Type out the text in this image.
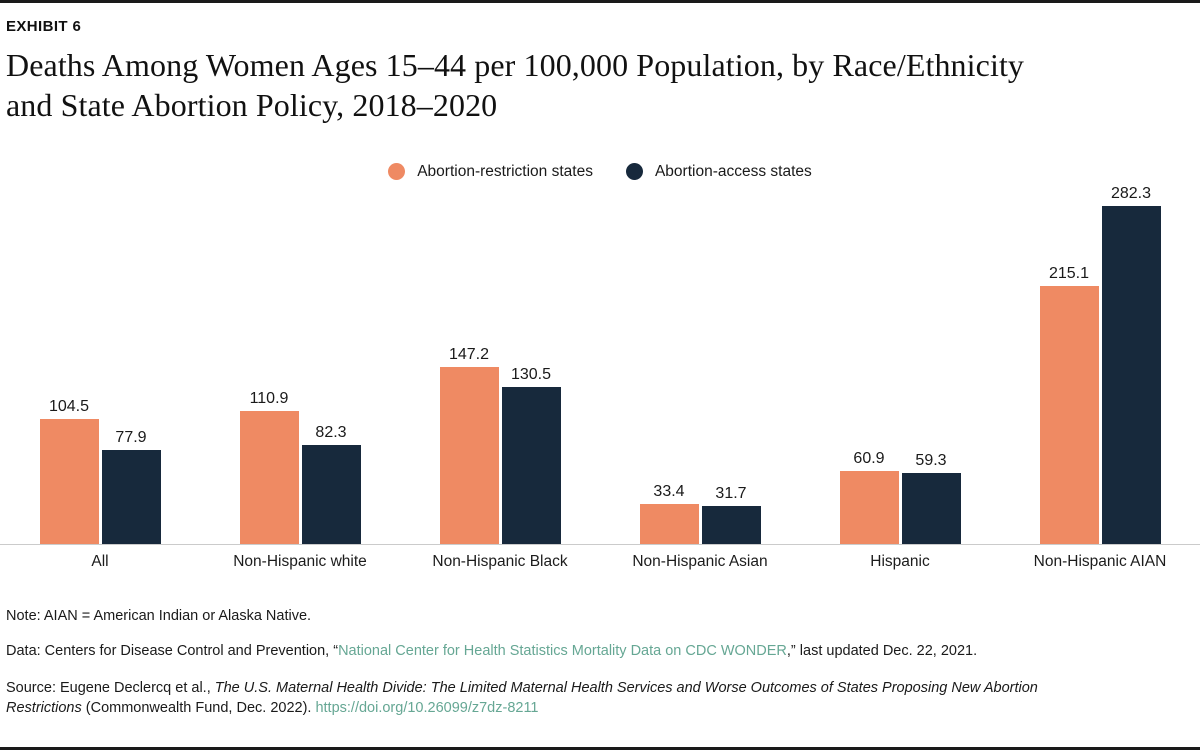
EXHIBIT 6
Deaths Among Women Ages 15–44 per 100,000 Population, by Race/Ethnicity
and State Abortion Policy, 2018–2020
Abortion-restriction states	Abortion-access states
104.5
77.9
110.9
82.3
147.2
130.5
33.4 31.7
60.9 59.3
215.1
282.3
All	Non-Hispanic white	Non-Hispanic Black	Non-Hispanic Asian	Hispanic	Non-Hispanic AIAN
Note: AIAN = American Indian or Alaska Native.
Data: Centers for Disease Control and Prevention, “National Center for Health Statistics Mortality Data on CDC WONDER,” last updated Dec. 22, 2021.
Source: Eugene Declercq et al., The U.S. Maternal Health Divide: The Limited Maternal Health Services and Worse Outcomes of States Proposing New Abortion Restrictions (Commonwealth Fund, Dec. 2022). https://doi.org/10.26099/z7dz-8211
